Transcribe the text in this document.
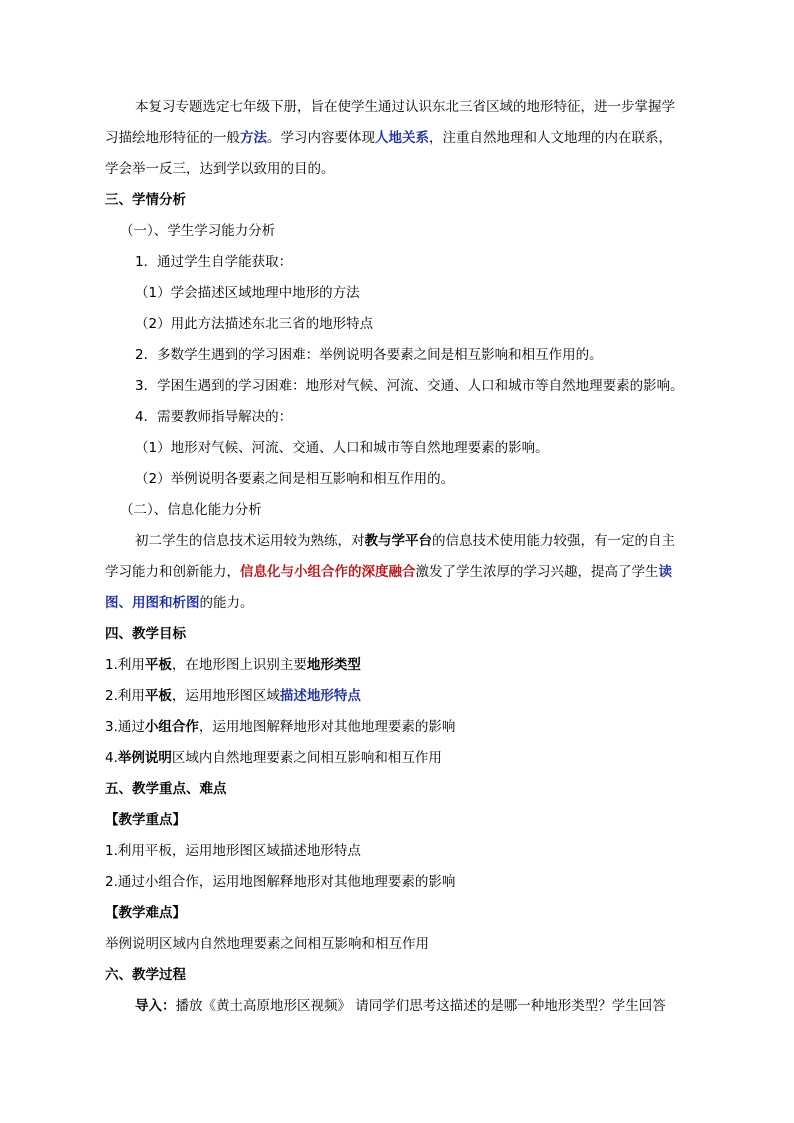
本复习专题选定七年级下册，旨在使学生通过认识东北三省区域的地形特征，进一步掌握学
习描绘地形特征的一般方法。学习内容要体现人地关系，注重自然地理和人文地理的内在联系，
学会举一反三，达到学以致用的目的。
三、学情分析
（一）、学生学习能力分析
1．通过学生自学能获取：
（1）学会描述区域地理中地形的方法
（2）用此方法描述东北三省的地形特点
2．多数学生遇到的学习困难：举例说明各要素之间是相互影响和相互作用的。
3．学困生遇到的学习困难：地形对气候、河流、交通、人口和城市等自然地理要素的影响。
4．需要教师指导解决的：
（1）地形对气候、河流、交通、人口和城市等自然地理要素的影响。
（2）举例说明各要素之间是相互影响和相互作用的。
（二）、信息化能力分析
初二学生的信息技术运用较为熟练，对教与学平台的信息技术使用能力较强，有一定的自主
学习能力和创新能力，信息化与小组合作的深度融合激发了学生浓厚的学习兴趣，提高了学生读
图、用图和析图的能力。
四、教学目标
1.利用平板，在地形图上识别主要地形类型
2.利用平板，运用地形图区域描述地形特点
3.通过小组合作，运用地图解释地形对其他地理要素的影响
4.举例说明区域内自然地理要素之间相互影响和相互作用
五、教学重点、难点
【教学重点】
1.利用平板，运用地形图区域描述地形特点
2.通过小组合作，运用地图解释地形对其他地理要素的影响
【教学难点】
举例说明区域内自然地理要素之间相互影响和相互作用
六、教学过程
导入：播放《黄土高原地形区视频》 请同学们思考这描述的是哪一种地形类型？学生回答
